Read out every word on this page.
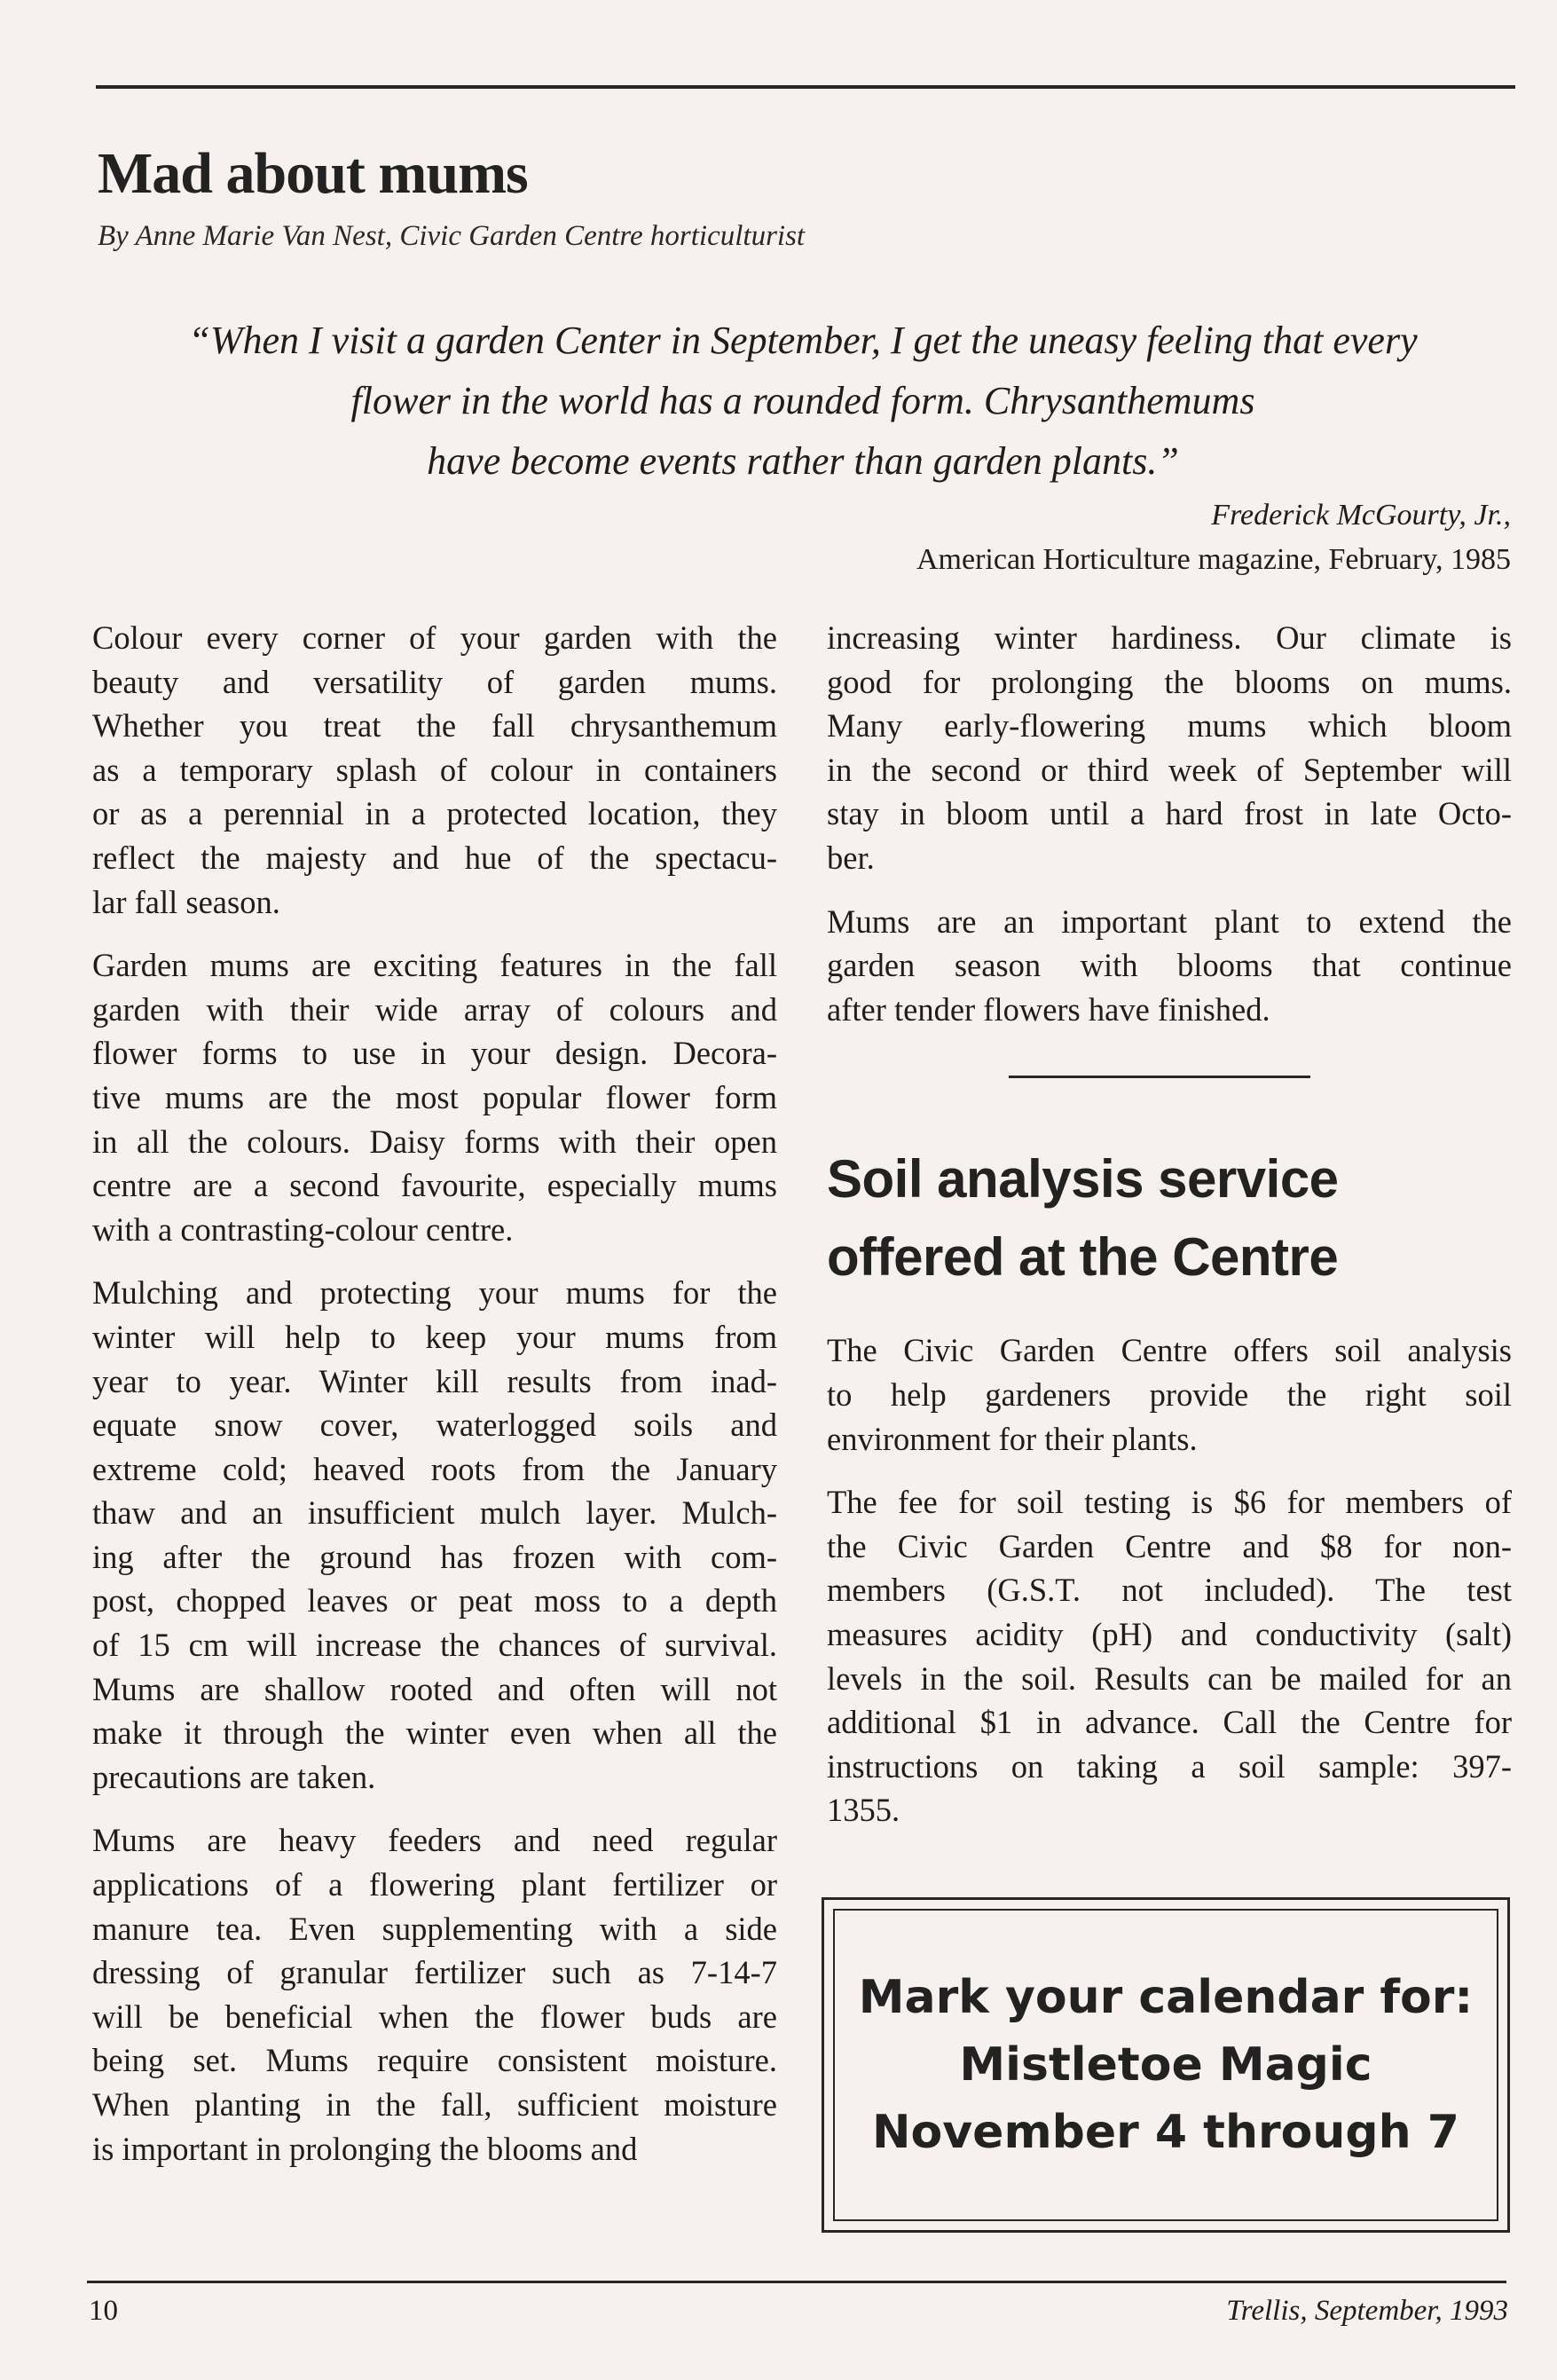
Mad about mums

By Anne Marie Van Nest, Civic Garden Centre horticulturist

“When I visit a garden Center in September, I get the uneasy feeling that every
flower in the world has a rounded form. Chrysanthemums
have become events rather than garden plants.”
Frederick McGourty, Jr.,
American Horticulture magazine, February, 1985

Colour every corner of your garden with the
beauty and versatility of garden mums.
Whether you treat the fall chrysanthemum
as a temporary splash of colour in containers
or as a perennial in a protected location, they
reflect the majesty and hue of the spectacu-
lar fall season.

Garden mums are exciting features in the fall
garden with their wide array of colours and
flower forms to use in your design. Decora-
tive mums are the most popular flower form
in all the colours. Daisy forms with their open
centre are a second favourite, especially mums
with a contrasting-colour centre.

Mulching and protecting your mums for the
winter will help to keep your mums from
year to year. Winter kill results from inad-
equate snow cover, waterlogged soils and
extreme cold; heaved roots from the January
thaw and an insufficient mulch layer. Mulch-
ing after the ground has frozen with com-
post, chopped leaves or peat moss to a depth
of 15 cm will increase the chances of survival.
Mums are shallow rooted and often will not
make it through the winter even when all the
precautions are taken.

Mums are heavy feeders and need regular
applications of a flowering plant fertilizer or
manure tea. Even supplementing with a side
dressing of granular fertilizer such as 7-14-7
will be beneficial when the flower buds are
being set. Mums require consistent moisture.
When planting in the fall, sufficient moisture
is important in prolonging the blooms and

increasing winter hardiness. Our climate is
good for prolonging the blooms on mums.
Many early-flowering mums which bloom
in the second or third week of September will
stay in bloom until a hard frost in late Octo-
ber.

Mums are an important plant to extend the
garden season with blooms that continue
after tender flowers have finished.

Soil analysis service
offered at the Centre

The Civic Garden Centre offers soil analysis
to help gardeners provide the right soil
environment for their plants.

The fee for soil testing is $6 for members of
the Civic Garden Centre and $8 for non-
members (G.S.T. not included). The test
measures acidity (pH) and conductivity (salt)
levels in the soil. Results can be mailed for an
additional $1 in advance. Call the Centre for
instructions on taking a soil sample: 397-
1355.

Mark your calendar for:
Mistletoe Magic
November 4 through 7
10	Trellis, September, 1993
